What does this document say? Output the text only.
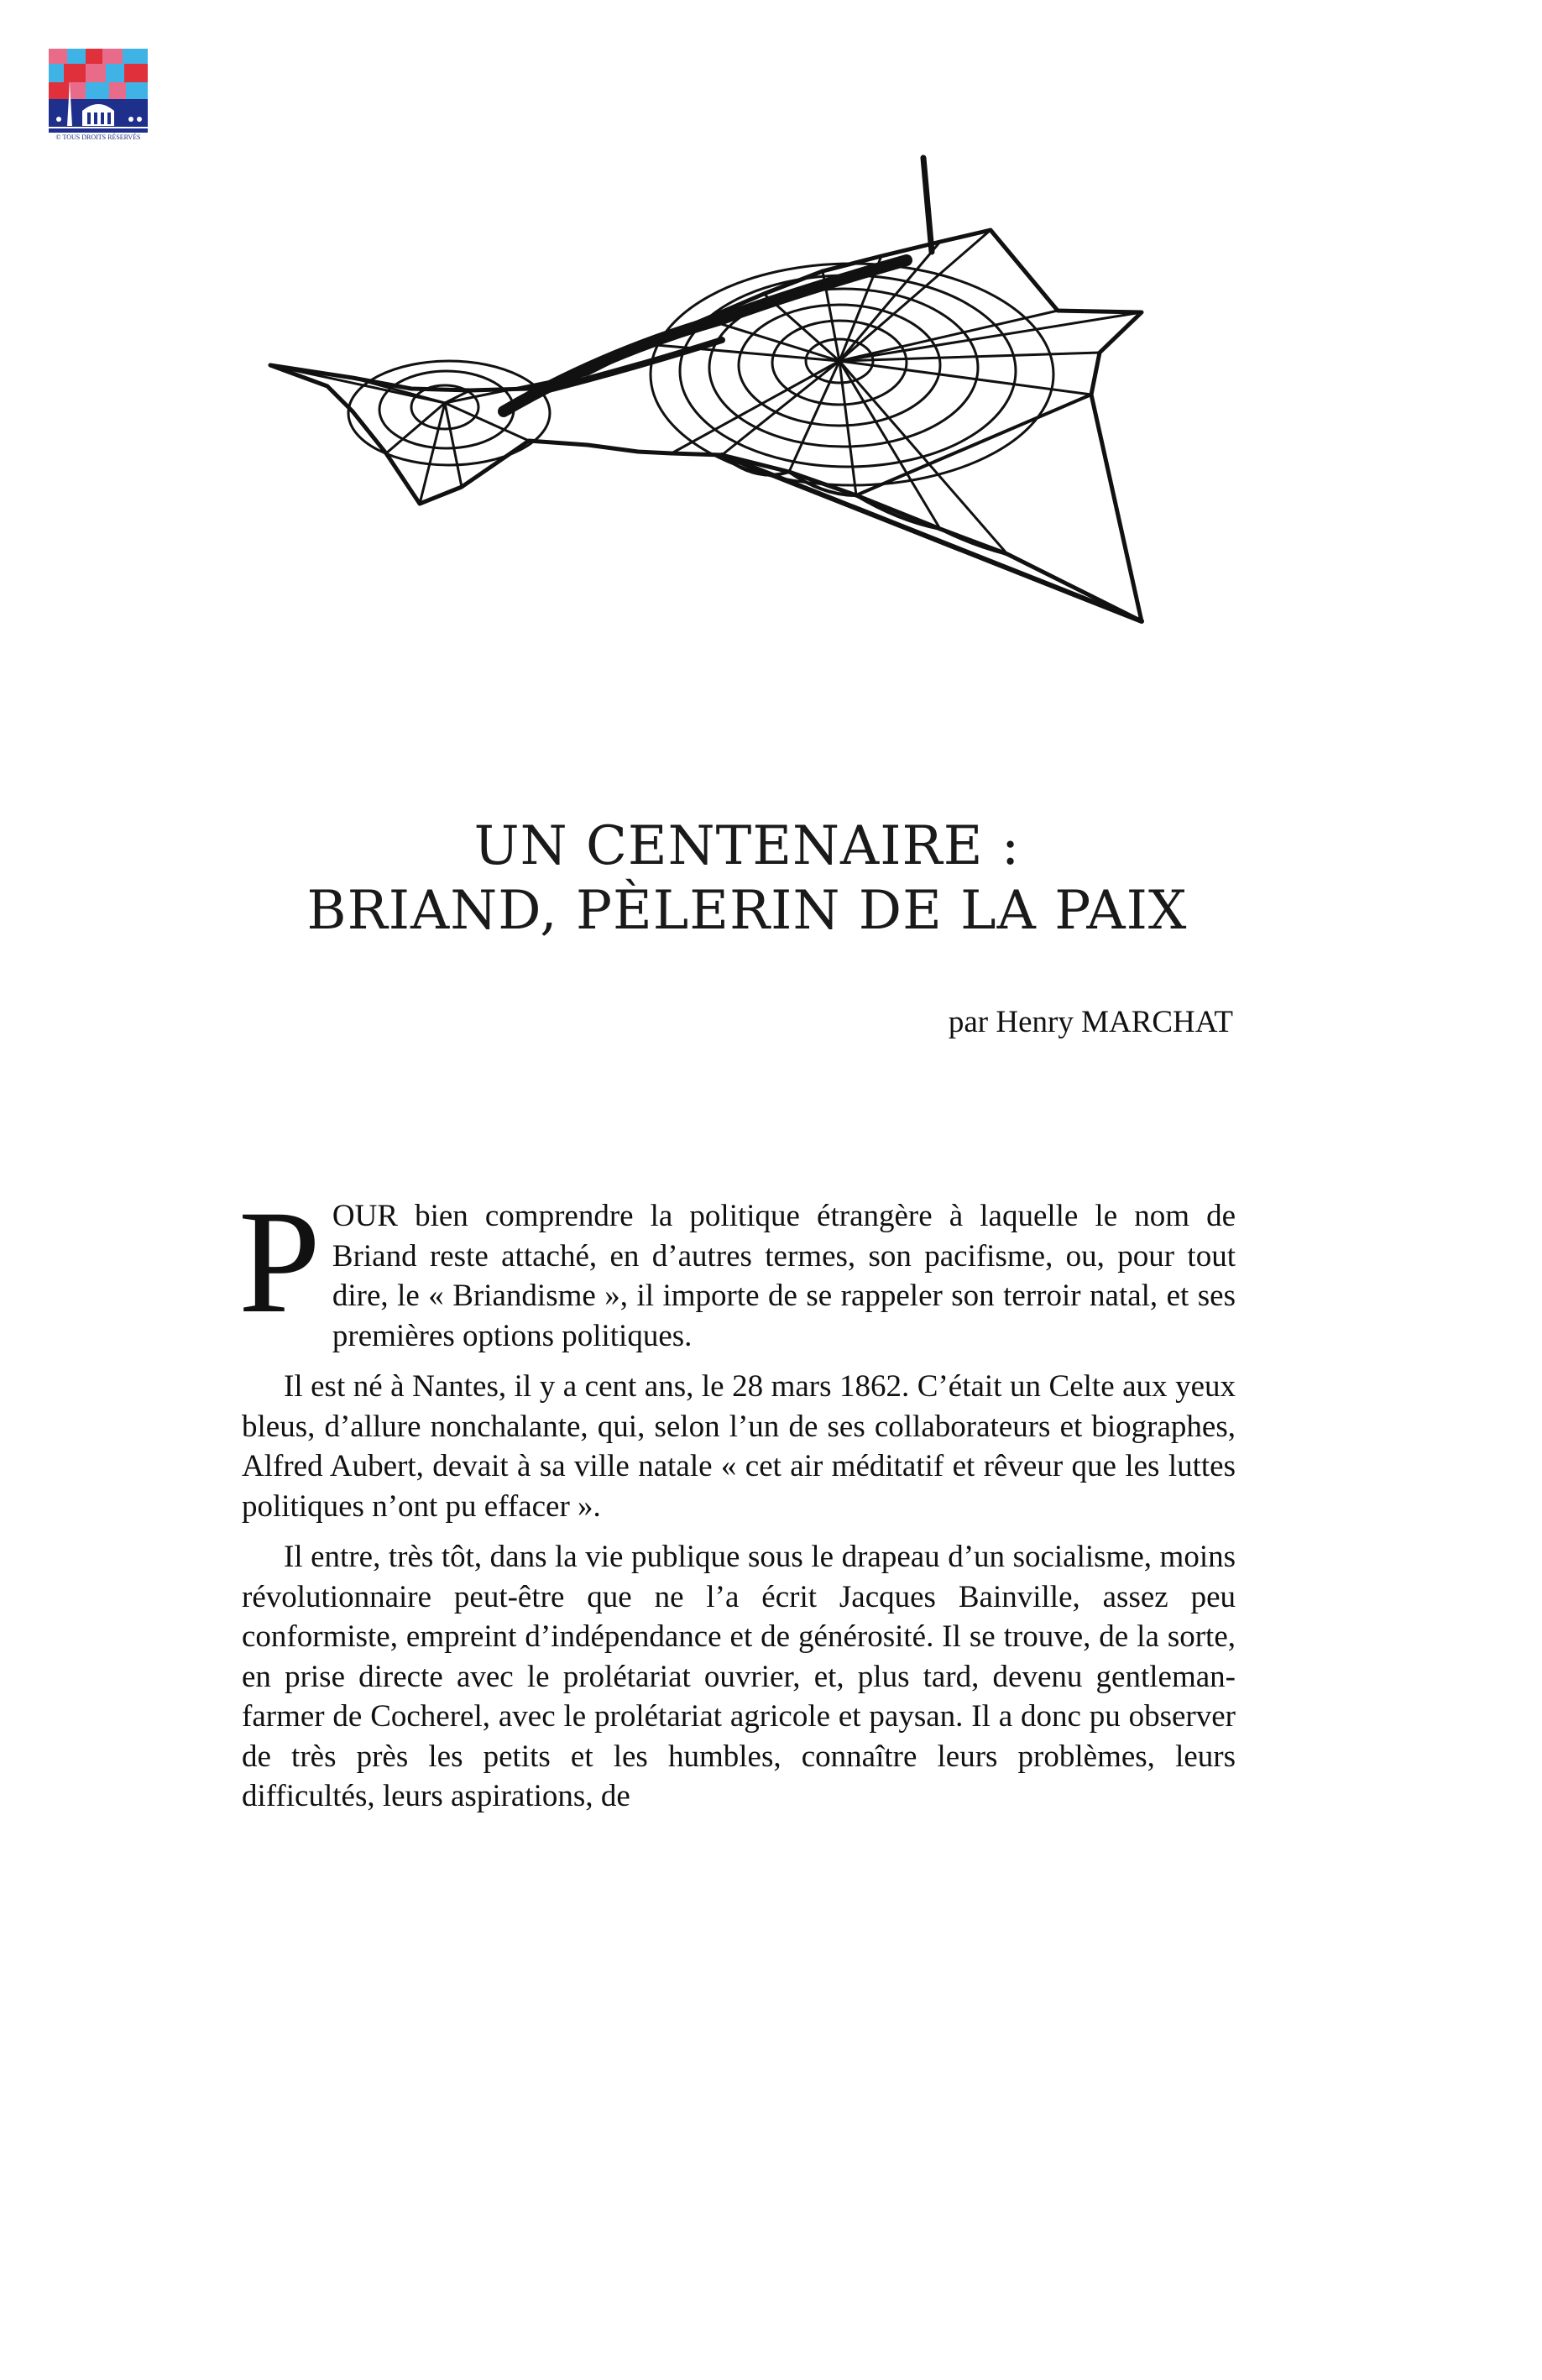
© TOUS DROITS RÉSERVÉS
UN CENTENAIRE :
BRIAND, PÈLERIN DE LA PAIX
par Henry MARCHAT

POUR bien comprendre la politique étrangère à laquelle le nom de Briand reste attaché, en d’autres termes, son pacifisme, ou, pour tout dire, le « Briandisme », il importe de se rappeler son terroir natal, et ses premières options politiques.

Il est né à Nantes, il y a cent ans, le 28 mars 1862. C’était un Celte aux yeux bleus, d’allure nonchalante, qui, selon l’un de ses collaborateurs et biographes, Alfred Aubert, devait à sa ville natale « cet air méditatif et rêveur que les luttes politiques n’ont pu effacer ».

Il entre, très tôt, dans la vie publique sous le drapeau d’un socialisme, moins révolutionnaire peut-être que ne l’a écrit Jacques Bainville, assez peu conformiste, empreint d’indépendance et de générosité. Il se trouve, de la sorte, en prise directe avec le prolétariat ouvrier, et, plus tard, devenu gentlemanfarmer de Cocherel, avec le prolétariat agricole et paysan. Il a donc pu observer de très près les petits et les humbles, connaître leurs problèmes, leurs difficultés, leurs aspirations, de
